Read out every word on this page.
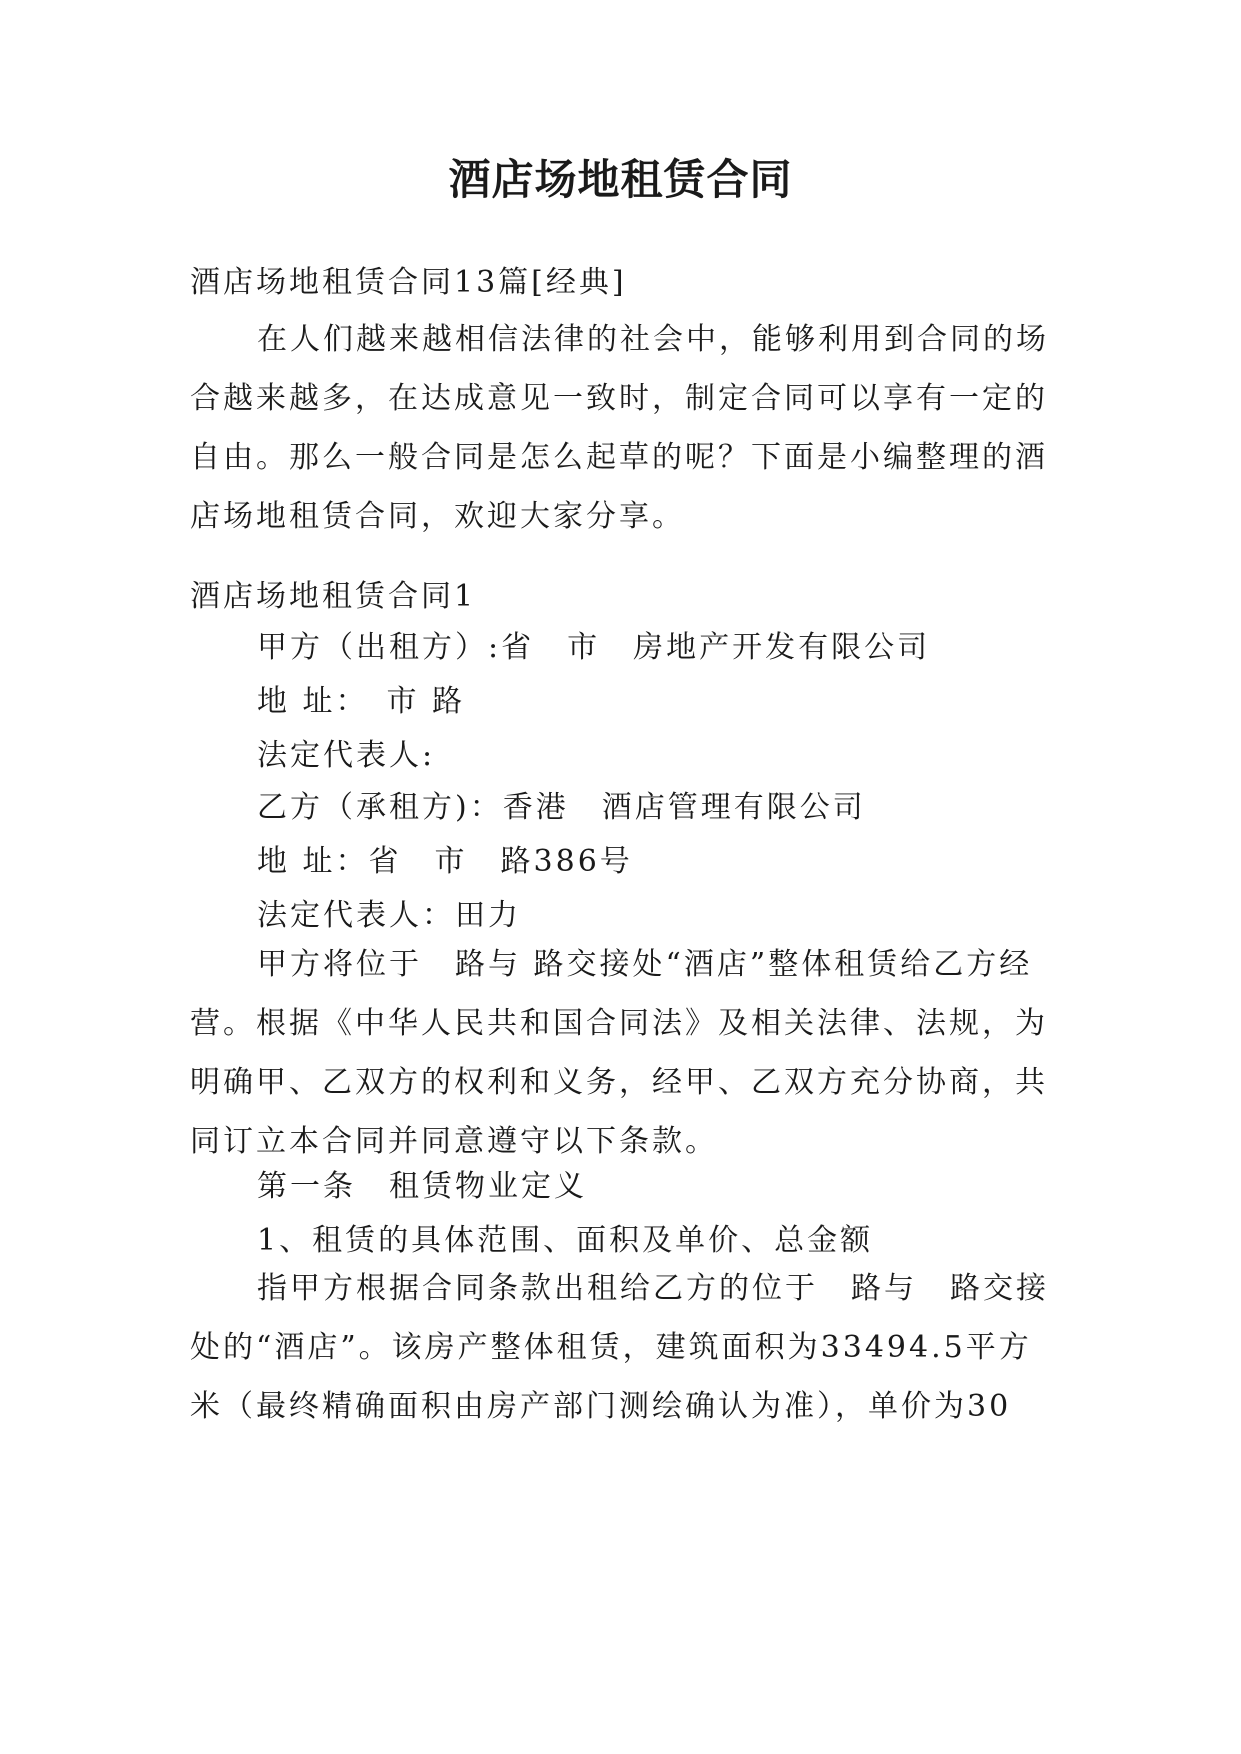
酒店场地租赁合同

酒店场地租赁合同13篇[经典]

在人们越来越相信法律的社会中，能够利用到合同的场合越来越多，在达成意见一致时，制定合同可以享有一定的自由。那么一般合同是怎么起草的呢？下面是小编整理的酒店场地租赁合同，欢迎大家分享。

酒店场地租赁合同1

甲方（出租方）:省　市　房地产开发有限公司

地 址：　市 路

法定代表人:

乙方（承租方)：香港　酒店管理有限公司

地 址：省　市　路386号

法定代表人：田力

甲方将位于　路与 路交接处“酒店”整体租赁给乙方经营。根据《中华人民共和国合同法》及相关法律、法规，为明确甲、乙双方的权利和义务，经甲、乙双方充分协商，共同订立本合同并同意遵守以下条款。

第一条　租赁物业定义

1、租赁的具体范围、面积及单价、总金额

指甲方根据合同条款出租给乙方的位于　路与　路交接处的“酒店”。该房产整体租赁，建筑面积为33494.5平方米（最终精确面积由房产部门测绘确认为准），单价为30
